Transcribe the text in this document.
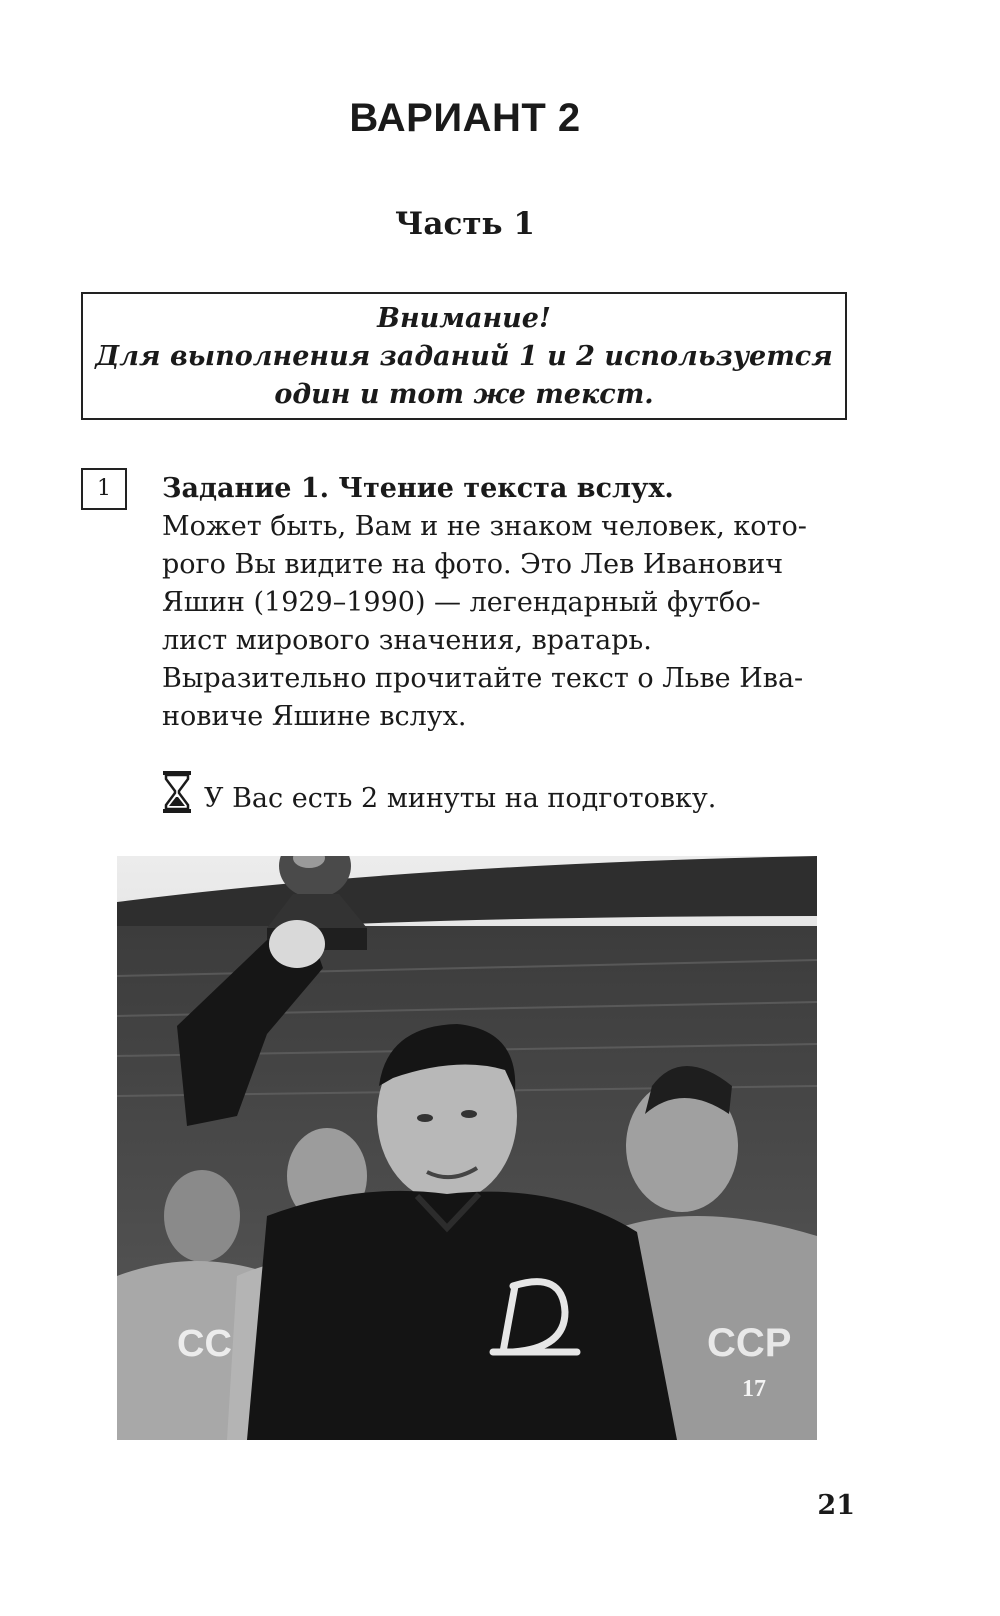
ВАРИАНТ 2
Часть 1
Внимание!
Для выполнения заданий 1 и 2 используется
один и тот же текст.
1	Задание 1. Чтение текста вслух.
Может быть, Вам и не знаком человек, кото-
рого Вы видите на фото. Это Лев Иванович
Яшин (1929–1990) — легендарный футбо-
лист мирового значения, вратарь.
Выразительно прочитайте текст о Льве Ива-
новиче Яшине вслух.
У Вас есть 2 минуты на подготовку.
СС	ССР
17
21
